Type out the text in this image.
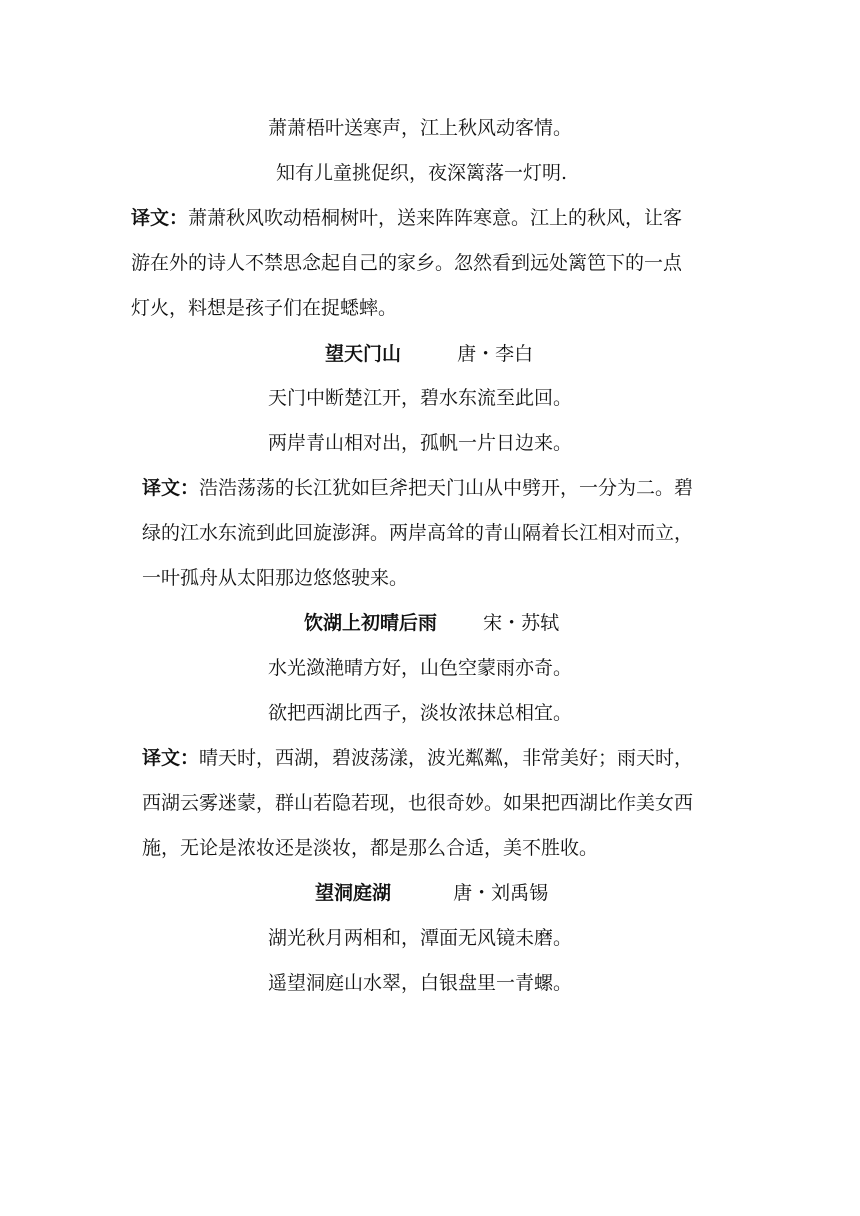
萧萧梧叶送寒声，江上秋风动客情。
知有儿童挑促织，夜深篱落一灯明.
译文：萧萧秋风吹动梧桐树叶，送来阵阵寒意。江上的秋风，让客
游在外的诗人不禁思念起自己的家乡。忽然看到远处篱笆下的一点
灯火，料想是孩子们在捉蟋蟀。
望天门山	唐・李白
天门中断楚江开，碧水东流至此回。
两岸青山相对出，孤帆一片日边来。
译文：浩浩荡荡的长江犹如巨斧把天门山从中劈开，一分为二。碧
绿的江水东流到此回旋澎湃。两岸高耸的青山隔着长江相对而立，
一叶孤舟从太阳那边悠悠驶来。
饮湖上初晴后雨 宋・苏轼
水光潋滟晴方好，山色空蒙雨亦奇。
欲把西湖比西子，淡妆浓抹总相宜。
译文：晴天时，西湖，碧波荡漾，波光粼粼，非常美好；雨天时，
西湖云雾迷蒙，群山若隐若现，也很奇妙。如果把西湖比作美女西
施，无论是浓妆还是淡妆，都是那么合适，美不胜收。
望洞庭湖	唐・刘禹锡
湖光秋月两相和，潭面无风镜未磨。
遥望洞庭山水翠，白银盘里一青螺。
